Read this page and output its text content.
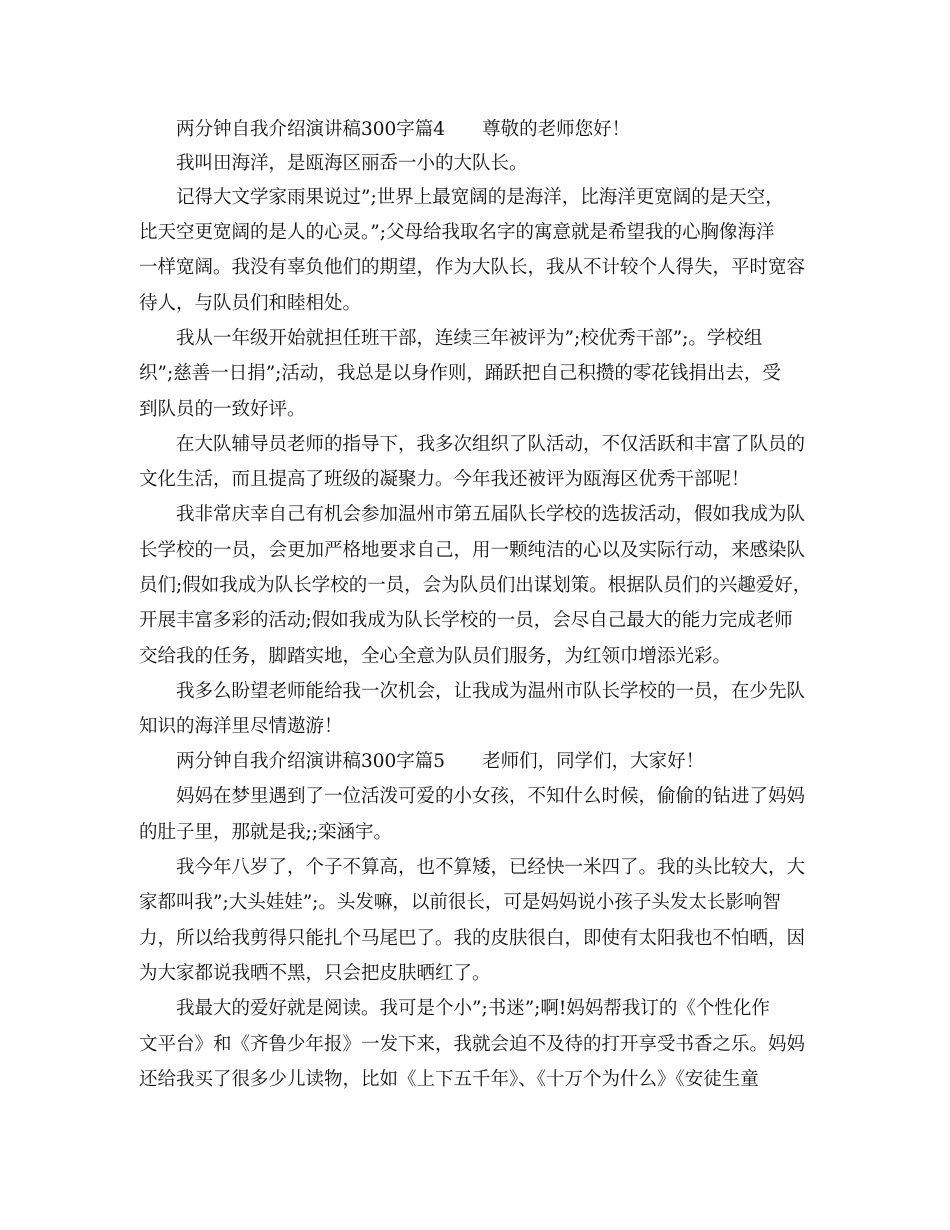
两分钟自我介绍演讲稿300字篇4　　尊敬的老师您好！
我叫田海洋，是瓯海区丽岙一小的大队长。
记得大文学家雨果说过”;世界上最宽阔的是海洋，比海洋更宽阔的是天空，
比天空更宽阔的是人的心灵。”;父母给我取名字的寓意就是希望我的心胸像海洋
一样宽阔。我没有辜负他们的期望，作为大队长，我从不计较个人得失，平时宽容
待人，与队员们和睦相处。
我从一年级开始就担任班干部，连续三年被评为”;校优秀干部”;。学校组
织”;慈善一日捐”;活动，我总是以身作则，踊跃把自己积攒的零花钱捐出去，受
到队员的一致好评。
在大队辅导员老师的指导下，我多次组织了队活动，不仅活跃和丰富了队员的
文化生活，而且提高了班级的凝聚力。今年我还被评为瓯海区优秀干部呢！
我非常庆幸自己有机会参加温州市第五届队长学校的选拔活动，假如我成为队
长学校的一员，会更加严格地要求自己，用一颗纯洁的心以及实际行动，来感染队
员们;假如我成为队长学校的一员，会为队员们出谋划策。根据队员们的兴趣爱好，
开展丰富多彩的活动;假如我成为队长学校的一员，会尽自己最大的能力完成老师
交给我的任务，脚踏实地，全心全意为队员们服务，为红领巾增添光彩。
我多么盼望老师能给我一次机会，让我成为温州市队长学校的一员，在少先队
知识的海洋里尽情遨游！
两分钟自我介绍演讲稿300字篇5　　老师们，同学们，大家好！
妈妈在梦里遇到了一位活泼可爱的小女孩，不知什么时候，偷偷的钻进了妈妈
的肚子里，那就是我;;栾涵宇。
我今年八岁了，个子不算高，也不算矮，已经快一米四了。我的头比较大，大
家都叫我”;大头娃娃”;。头发嘛，以前很长，可是妈妈说小孩子头发太长影响智
力，所以给我剪得只能扎个马尾巴了。我的皮肤很白，即使有太阳我也不怕晒，因
为大家都说我晒不黑，只会把皮肤晒红了。
我最大的爱好就是阅读。我可是个小”;书迷”;啊!妈妈帮我订的《个性化作
文平台》和《齐鲁少年报》一发下来，我就会迫不及待的打开享受书香之乐。妈妈
还给我买了很多少儿读物，比如《上下五千年》、《十万个为什么》《安徒生童
